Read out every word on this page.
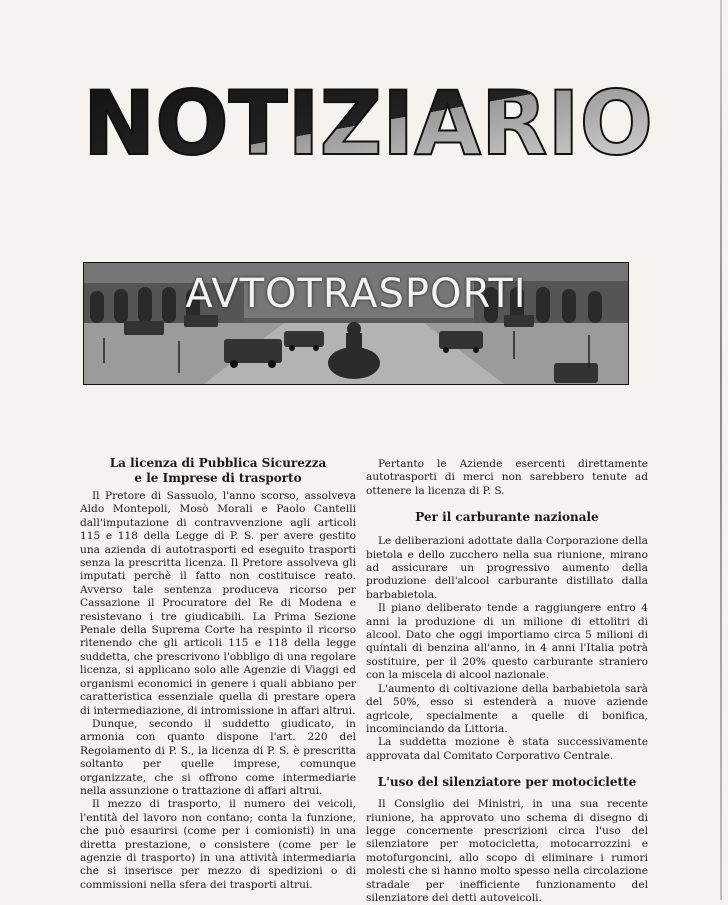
NOTIZIARIO
AVTOTRASPORTI
La licenza di Pubblica Sicurezza
e le Imprese di trasporto

Il Pretore di Sassuolo, l'anno scorso, assolveva Aldo Montepoli, Mosò Morali e Paolo Cantelli dall'imputazione di contravvenzione agli articoli 115 e 118 della Legge di P. S. per avere gestito una azienda di autotrasporti ed eseguito trasporti senza la prescritta licenza. Il Pretore assolveva gli imputati perchè il fatto non costituisce reato. Avverso tale sentenza produceva ricorso per Cassazione il Procuratore del Re di Modena e resistevano i tre giudicabili. La Prima Sezione Penale della Suprema Corte ha respinto il ricorso ritenendo che gli articoli 115 e 118 della legge suddetta, che prescrivono l'obbligo di una regolare licenza, si applicano solo alle Agenzie di Viaggi ed organismi economici in genere i quali abbiano per caratteristica essenziale quella di prestare opera di intermediazione, di intromissione in affari altrui.

Dunque, secondo il suddetto giudicato, in armonia con quanto dispone l'art. 220 del Regolamento di P. S., la licenza di P. S. è prescritta soltanto per quelle imprese, comunque organizzate, che si offrono come intermediarie nella assunzione o trattazione di affari altrui.

Il mezzo di trasporto, il numero dei veicoli, l'entità del lavoro non contano; conta la funzione, che può esaurirsi (come per i comionisti) in una diretta prestazione, o consistere (come per le agenzie di trasporto) in una attività intermediaria che si inserisce per mezzo di spedizioni o di commissioni nella sfera dei trasporti altrui.

Pertanto le Aziende esercenti direttamente autotrasporti di merci non sarebbero tenute ad ottenere la licenza di P. S.

Per il carburante nazionale

Le deliberazioni adottate dalla Corporazione della bietola e dello zucchero nella sua riunione, mirano ad assicurare un progressivo aumento della produzione dell'alcool carburante distillato dalla barbabietola.

Il piano deliberato tende a raggiungere entro 4 anni la produzione di un milione di ettolitri di alcool. Dato che oggi importiamo circa 5 milioni di quintali di benzina all'anno, in 4 anni l'Italia potrà sostituire, per il 20% questo carburante straniero con la miscela di alcool nazionale.

L'aumento di coltivazione della barbabietola sarà del 50%, esso si estenderà a nuove aziende agricole, specialmente a quelle di bonifica, incominciando da Littoria.

La suddetta mozione è stata successivamente approvata dal Comitato Corporativo Centrale.

L'uso del silenziatore per motociclette

Il Consiglio dei Ministri, in una sua recente riunione, ha approvato uno schema di disegno di legge concernente prescrizioni circa l'uso del silenziatore per motocicletta, motocarrozzini e motofurgoncini, allo scopo di eliminare i rumori molesti che si hanno molto spesso nella circolazione stradale per inefficiente funzionamento del silenziatore dei detti autoveicoli.
